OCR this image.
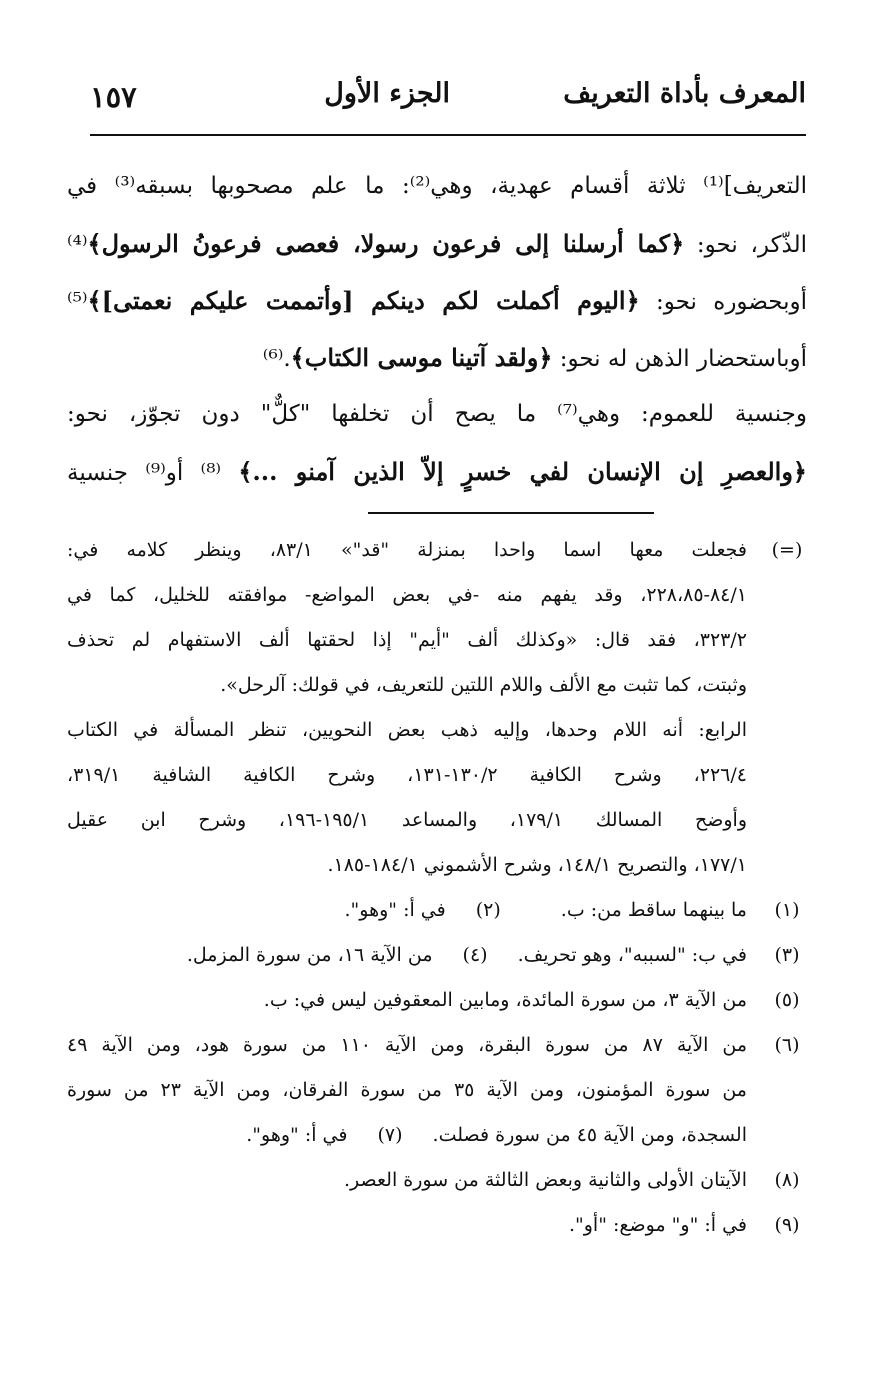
المعرف بأداة التعريف
الجزء الأول
١٥٧
التعريف]⁽¹⁾ ثلاثة أقسام عهدية، وهي⁽²⁾: ما علم مصحوبها بسبقه⁽³⁾ في
الذّكر، نحو: ﴿كما أرسلنا إلى فرعون رسولا، فعصى فرعونُ الرسول﴾⁽⁴⁾
أوبحضوره نحو: ﴿اليوم أكملت لكم دينكم [وأتممت عليكم نعمتى]﴾⁽⁵⁾
أوباستحضار الذهن له نحو: ﴿ولقد آتينا موسى الكتاب﴾.⁽⁶⁾
وجنسية للعموم: وهي⁽⁷⁾ ما يصح أن تخلفها "كلٌّ" دون تجوّز، نحو:
﴿والعصرِ إن الإنسان لفي خسرٍ إلاّ الذين آمنو ...﴾ ⁽⁸⁾ أو⁽⁹⁾ جنسية
(=)
فجعلت معها اسما واحدا بمنزلة "قد"» ٨٣/١، وينظر كلامه في:
٨٤/١-٢٢٨،٨٥، وقد يفهم منه -في بعض المواضع- موافقته للخليل، كما في
٣٢٣/٢، فقد قال: «وكذلك ألف "أيم" إذا لحقتها ألف الاستفهام لم تحذف
وثبتت، كما تثبت مع الألف واللام اللتين للتعريف، في قولك: آلرحل».
الرابع: أنه اللام وحدها، وإليه ذهب بعض النحويين، تنظر المسألة في الكتاب
٢٢٦/٤، وشرح الكافية ١٣٠/٢-١٣١، وشرح الكافية الشافية ٣١٩/١،
وأوضح المسالك ١٧٩/١، والمساعد ١٩٥/١-١٩٦، وشرح ابن عقيل
١٧٧/١، والتصريح ١٤٨/١، وشرح الأشموني ١٨٤/١-١٨٥.
(١)
ما بينهما ساقط من: ب.(٢)في أ: "وهو".
(٣)
في ب: "لسببه"، وهو تحريف.(٤)من الآية ١٦، من سورة المزمل.
(٥)
من الآية ٣، من سورة المائدة، ومابين المعقوفين ليس في: ب.
(٦)
من الآية ٨٧ من سورة البقرة، ومن الآية ١١٠ من سورة هود، ومن الآية ٤٩
من سورة المؤمنون، ومن الآية ٣٥ من سورة الفرقان، ومن الآية ٢٣ من سورة
السجدة، ومن الآية ٤٥ من سورة فصلت.(٧)في أ: "وهو".
(٨)
الآيتان الأولى والثانية وبعض الثالثة من سورة العصر.
(٩)
في أ: "و" موضع: "أو".
